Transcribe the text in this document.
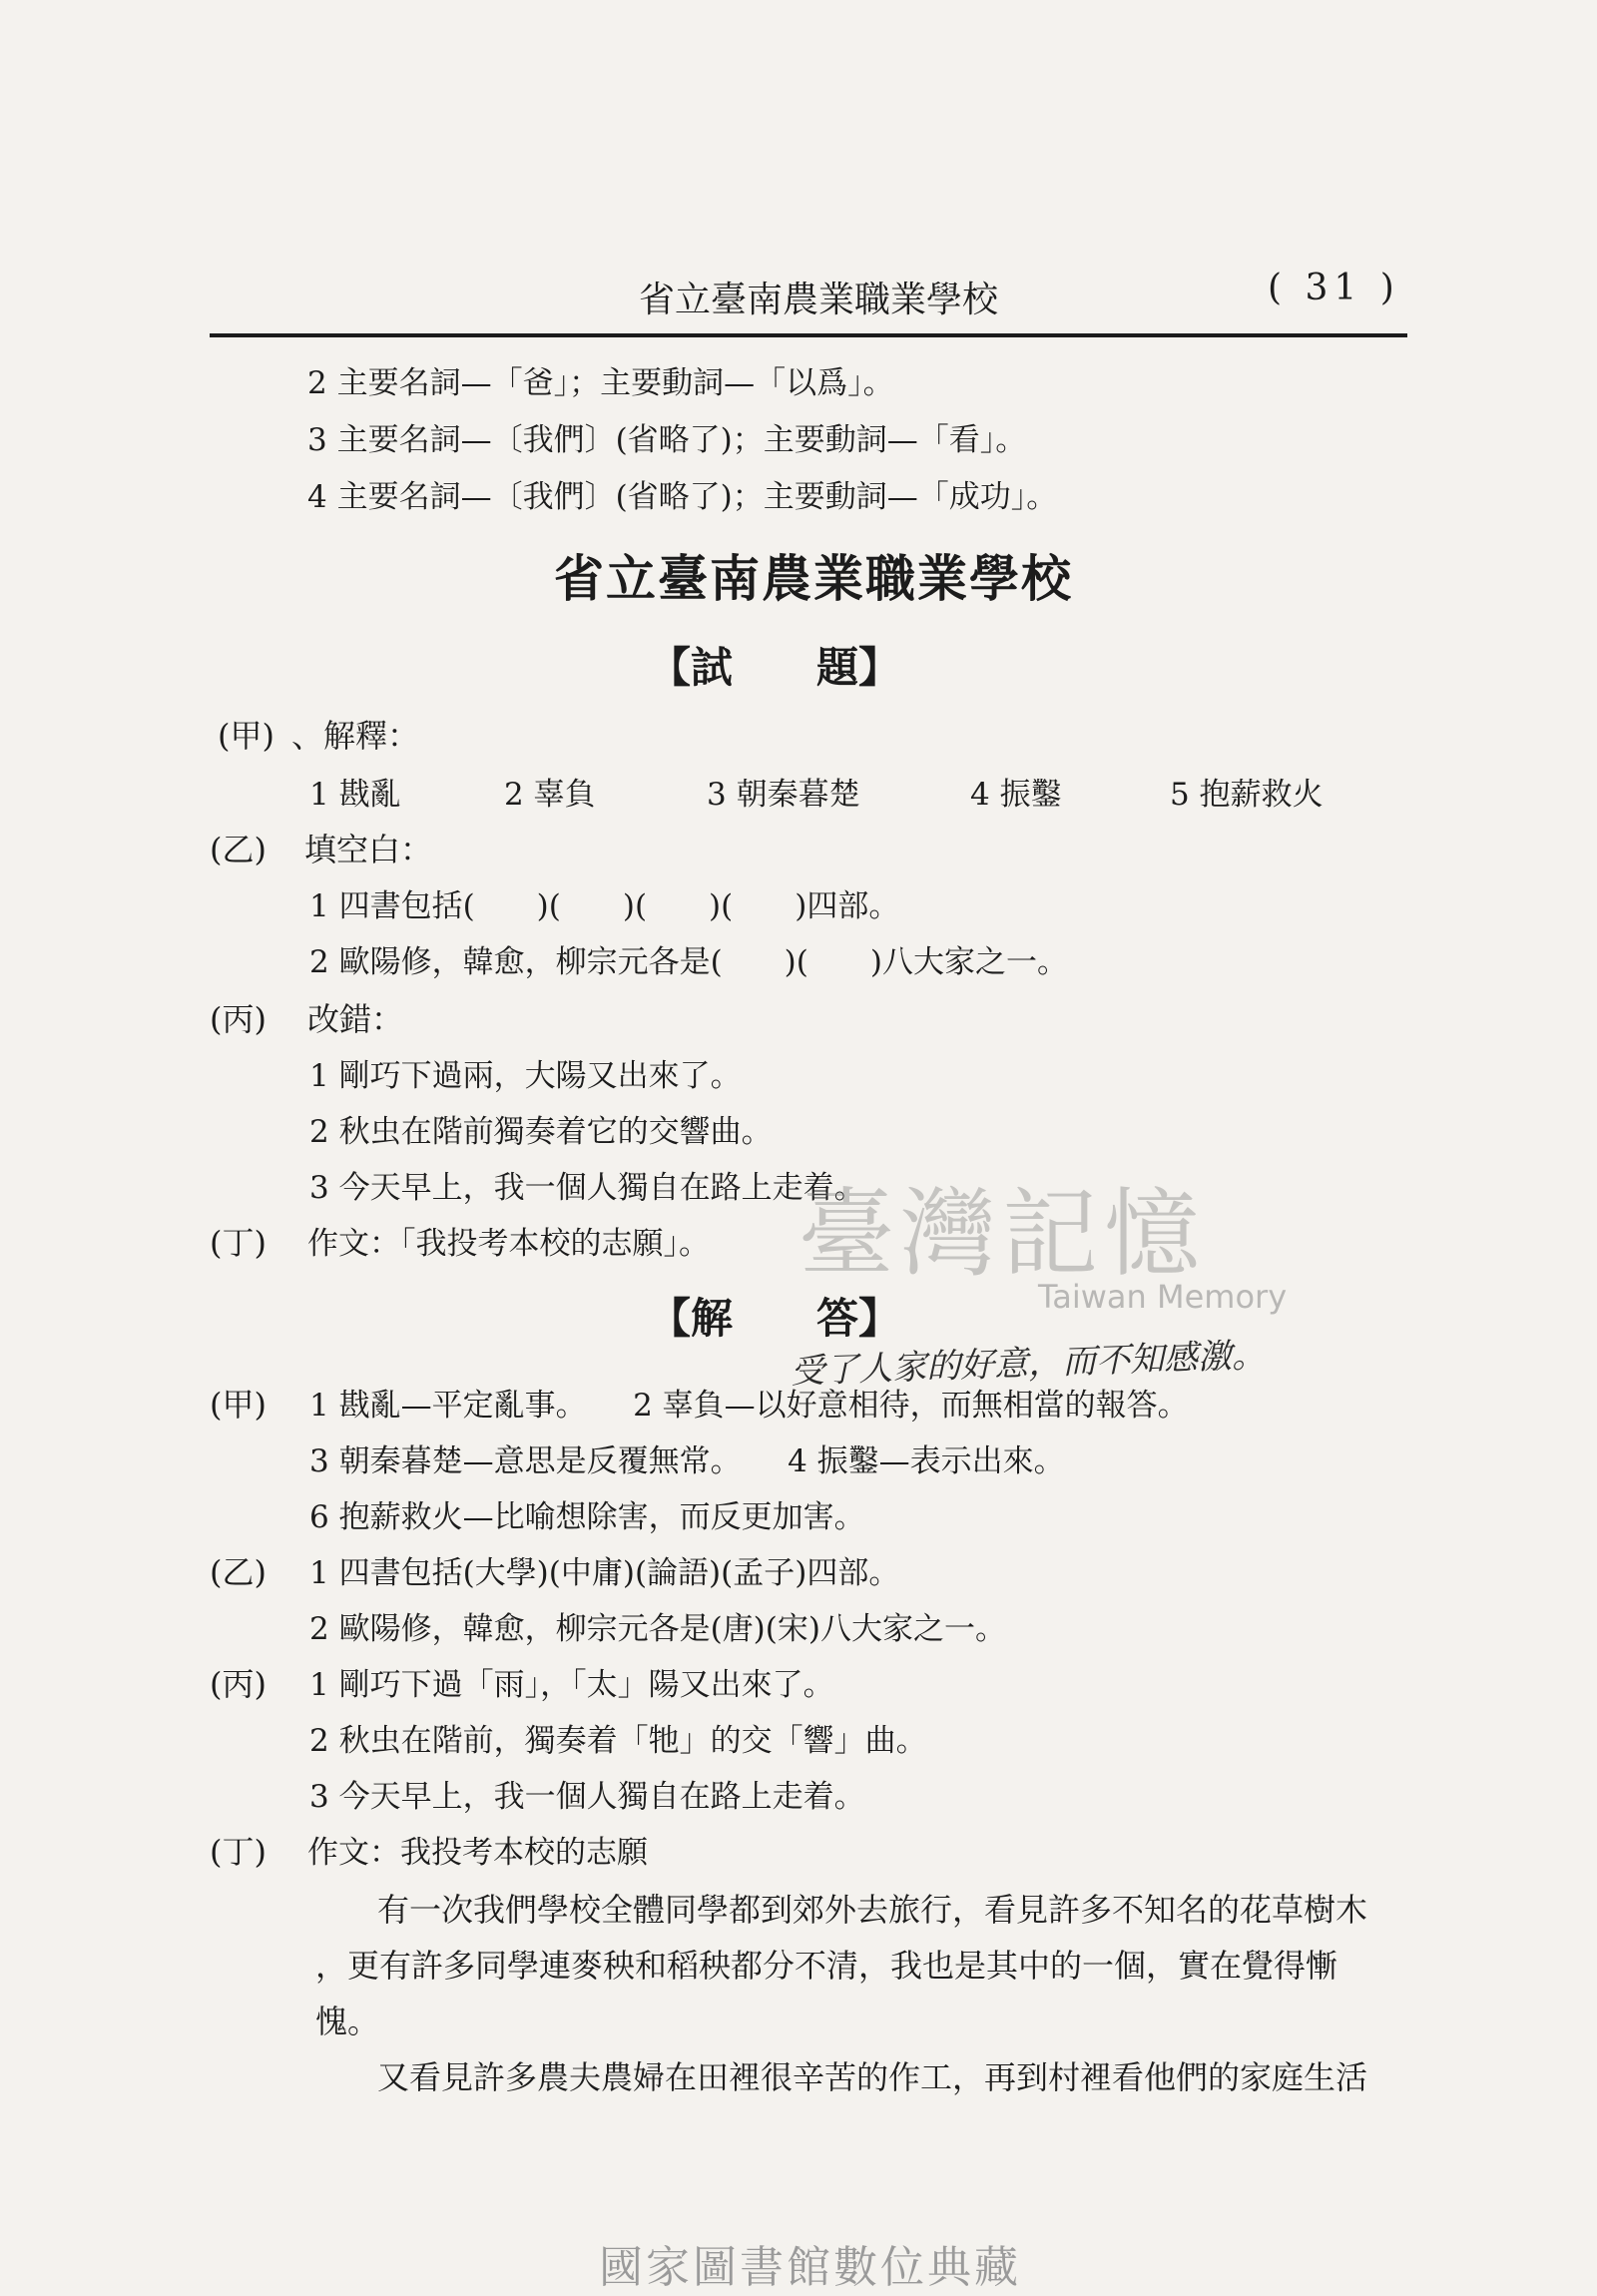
省立臺南農業職業學校	( 31 )
2 主要名詞—「爸」；主要動詞—「以爲」。
3 主要名詞—〔我們〕(省略了)；主要動詞—「看」。
4 主要名詞—〔我們〕(省略了)；主要動詞—「成功」。
省立臺南農業職業學校
【試　　題】
(甲) 、解釋：
1 戡亂	2 辜負	3 朝秦暮楚	4 振鑿	5 抱薪救火
(乙) 填空白：
1 四書包括(　　)(　　)(　　)(　　)四部。
2 歐陽修，韓愈，柳宗元各是(　　)(　　)八大家之一。
(丙) 改錯：
1 剛巧下過兩，大陽又出來了。
2 秋虫在階前獨奏着它的交響曲。
3 今天早上，我一個人獨自在路上走着。
(丁) 作文：「我投考本校的志願」。 臺灣記憶
Taiwan Memory
【解　　答】
受了人家的好意，而不知感激。
(甲) 1 戡亂—平定亂事。　　2 辜負—以好意相待，而無相當的報答。
3 朝秦暮楚—意思是反覆無常。　　4 振鑿—表示出來。
6 抱薪救火—比喻想除害，而反更加害。
(乙) 1 四書包括(大學)(中庸)(論語)(孟子)四部。
2 歐陽修，韓愈，柳宗元各是(唐)(宋)八大家之一。
(丙) 1 剛巧下過「雨」，「太」陽又出來了。
2 秋虫在階前，獨奏着「牠」的交「響」曲。
3 今天早上，我一個人獨自在路上走着。
(丁) 作文：我投考本校的志願
有一次我們學校全體同學都到郊外去旅行，看見許多不知名的花草樹木
，更有許多同學連麥秧和稻秧都分不清，我也是其中的一個，實在覺得慚
愧。
又看見許多農夫農婦在田裡很辛苦的作工，再到村裡看他們的家庭生活
國家圖書館數位典藏
